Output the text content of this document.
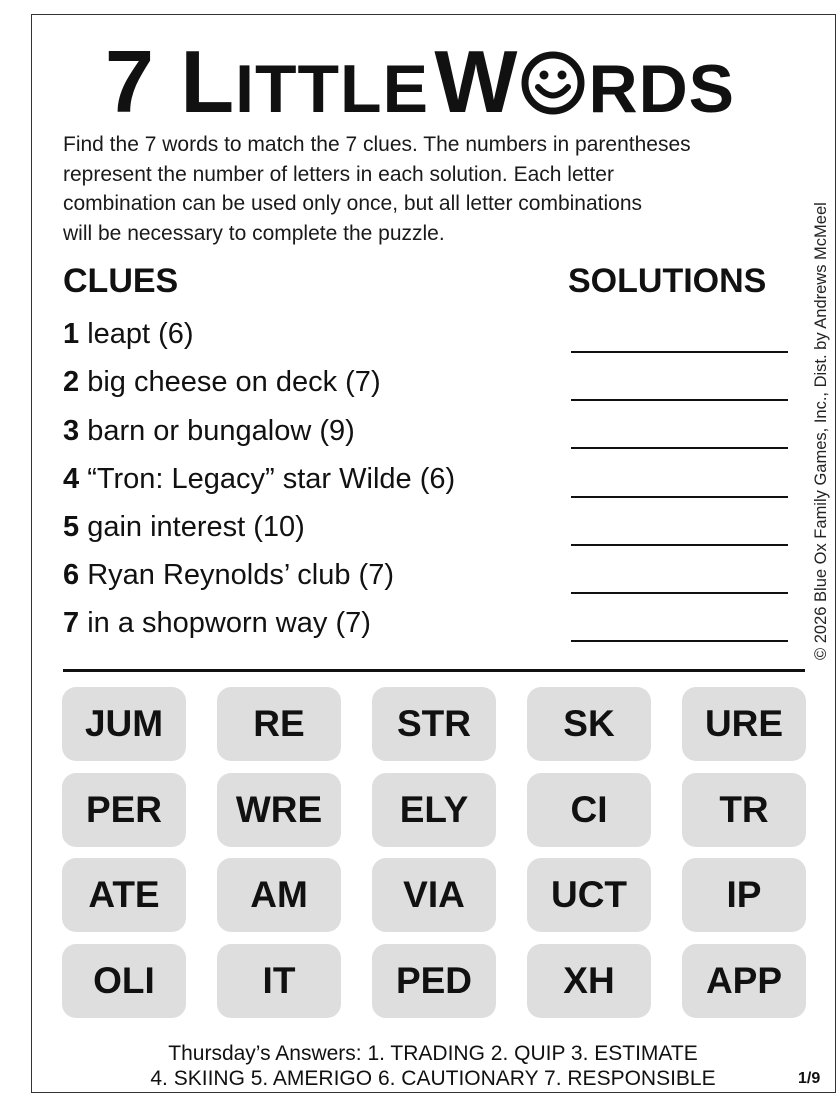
7 LITTLE W RDS
Find the 7 words to match the 7 clues. The numbers in parentheses
represent the number of letters in each solution. Each letter
combination can be used only once, but all letter combinations
will be necessary to complete the puzzle.
CLUES	SOLUTIONS
1 leapt (6)
2 big cheese on deck (7)
3 barn or bungalow (9)
4 “Tron: Legacy” star Wilde (6)
5 gain interest (10)
6 Ryan Reynolds’ club (7)
7 in a shopworn way (7)
JUM	RE	STR	SK	URE
PER	WRE	ELY	CI	TR
ATE	AM	VIA	UCT	IP
OLI	IT	PED	XH	APP
Thursday’s Answers: 1. TRADING 2. QUIP 3. ESTIMATE
4. SKIING 5. AMERIGO 6. CAUTIONARY 7. RESPONSIBLE	1/9
© 2026 Blue Ox Family Games, Inc., Dist. by Andrews McMeel
